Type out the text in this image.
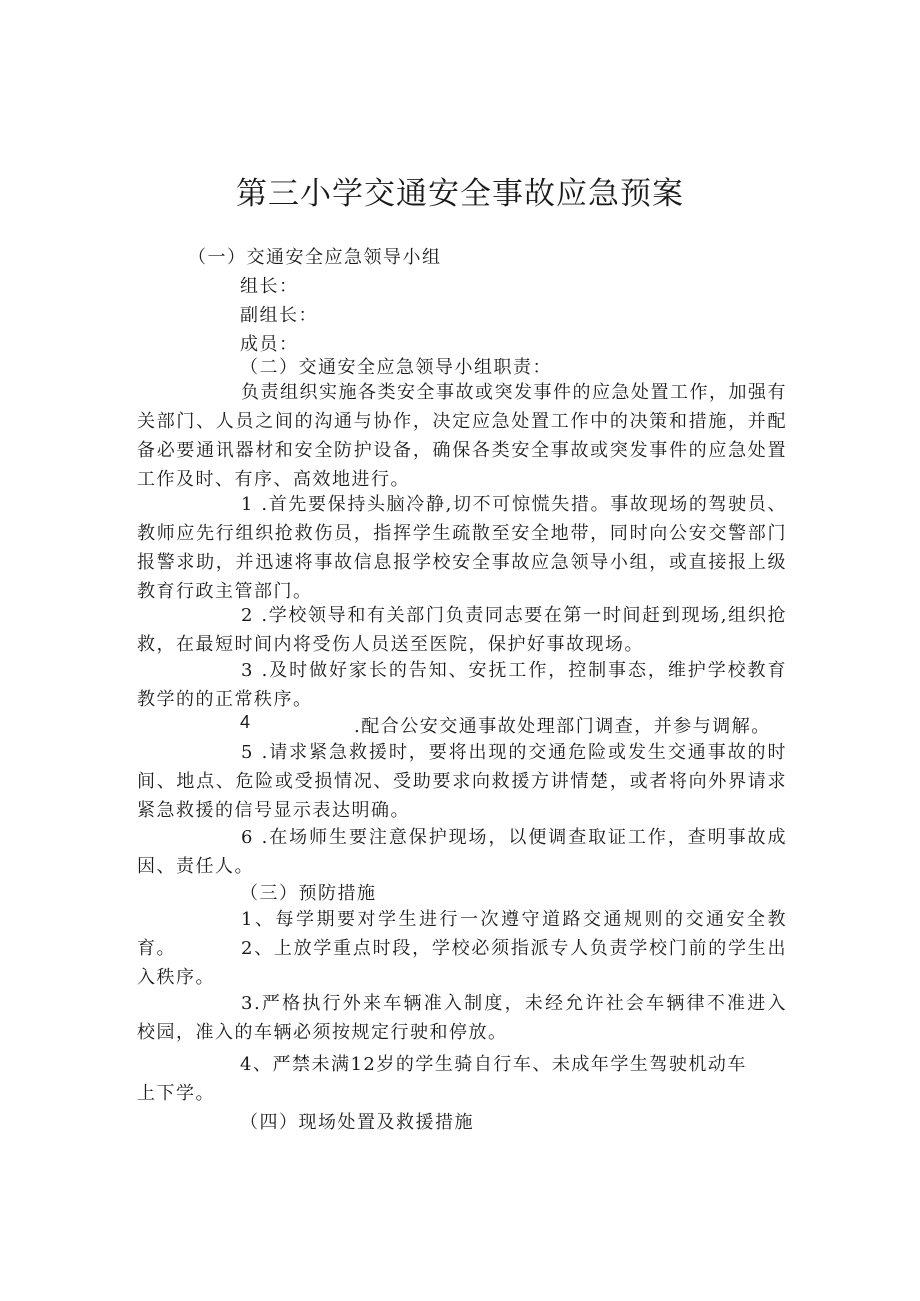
第三小学交通安全事故应急预案
（一）交通安全应急领导小组
组长：
副组长：
成员：
（二）交通安全应急领导小组职责：
负责组织实施各类安全事故或突发事件的应急处置工作，加强有关部门、人员之间的沟通与协作，决定应急处置工作中的决策和措施，并配备必要通讯器材和安全防护设备，确保各类安全事故或突发事件的应急处置工作及时、有序、高效地进行。
1 .首先要保持头脑冷静,切不可惊慌失措。事故现场的驾驶员、教师应先行组织抢救伤员，指挥学生疏散至安全地带，同时向公安交警部门报警求助，并迅速将事故信息报学校安全事故应急领导小组，或直接报上级教育行政主管部门。
2 .学校领导和有关部门负责同志要在第一时间赶到现场,组织抢救，在最短时间内将受伤人员送至医院，保护好事故现场。
3 .及时做好家长的告知、安抚工作，控制事态，维护学校教育教学的的正常秩序。
4	.配合公安交通事故处理部门调查，并参与调解。
5 .请求紧急救援时，要将出现的交通危险或发生交通事故的时间、地点、危险或受损情况、受助要求向救援方讲情楚，或者将向外界请求紧急救援的信号显示表达明确。
6 .在场师生要注意保护现场，以便调查取证工作，查明事故成因、责任人。
（三）预防措施
1、每学期要对学生进行一次遵守道路交通规则的交通安全教育。	2、上放学重点时段，学校必须指派专人负责学校门前的学生出入秩序。
3.严格执行外来车辆准入制度，未经允许社会车辆律不准进入校园，准入的车辆必须按规定行驶和停放。
4、严禁未满12岁的学生骑自行车、未成年学生驾驶机动车
上下学。
（四）现场处置及救援措施
